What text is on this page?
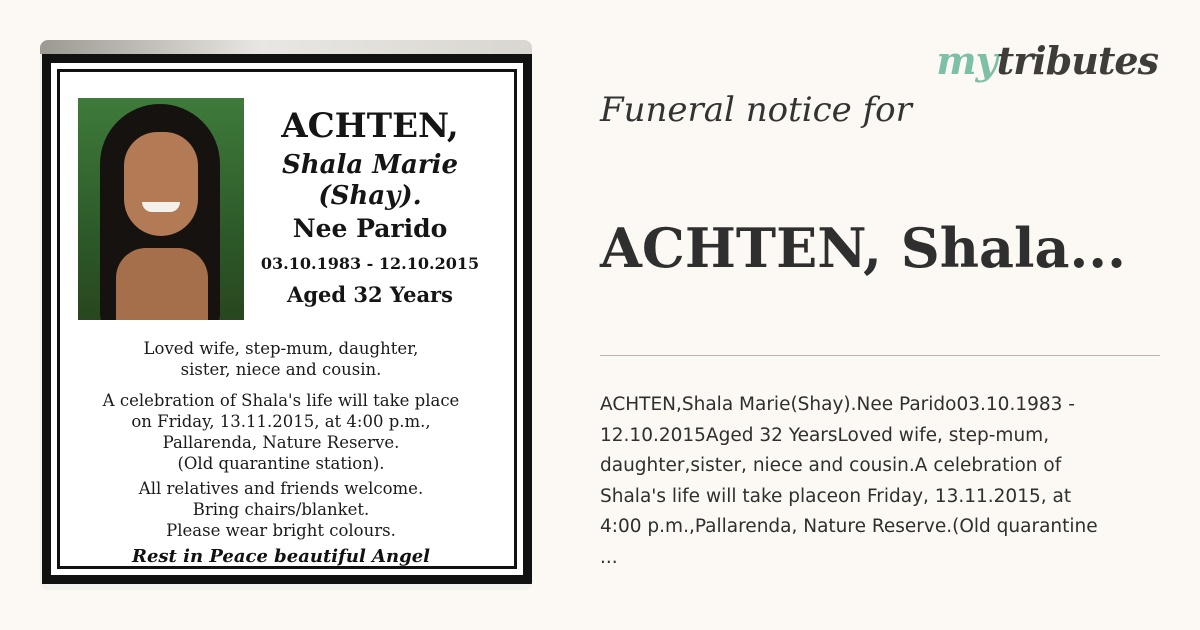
ACHTEN,
Shala Marie
(Shay).
Nee Parido
03.10.1983 - 12.10.2015
Aged 32 Years
Loved wife, step-mum, daughter,
sister, niece and cousin.
A celebration of Shala's life will take place
on Friday, 13.11.2015, at 4:00 p.m.,
Pallarenda, Nature Reserve.
(Old quarantine station).
All relatives and friends welcome.
Bring chairs/blanket.
Please wear bright colours.
Rest in Peace beautiful Angel
mytributes
Funeral notice for
ACHTEN, Shala...
ACHTEN,Shala Marie(Shay).Nee Parido03.10.1983 -
12.10.2015Aged 32 YearsLoved wife, step-mum,
daughter,sister, niece and cousin.A celebration of
Shala's life will take placeon Friday, 13.11.2015, at
4:00 p.m.,Pallarenda, Nature Reserve.(Old quarantine
...
